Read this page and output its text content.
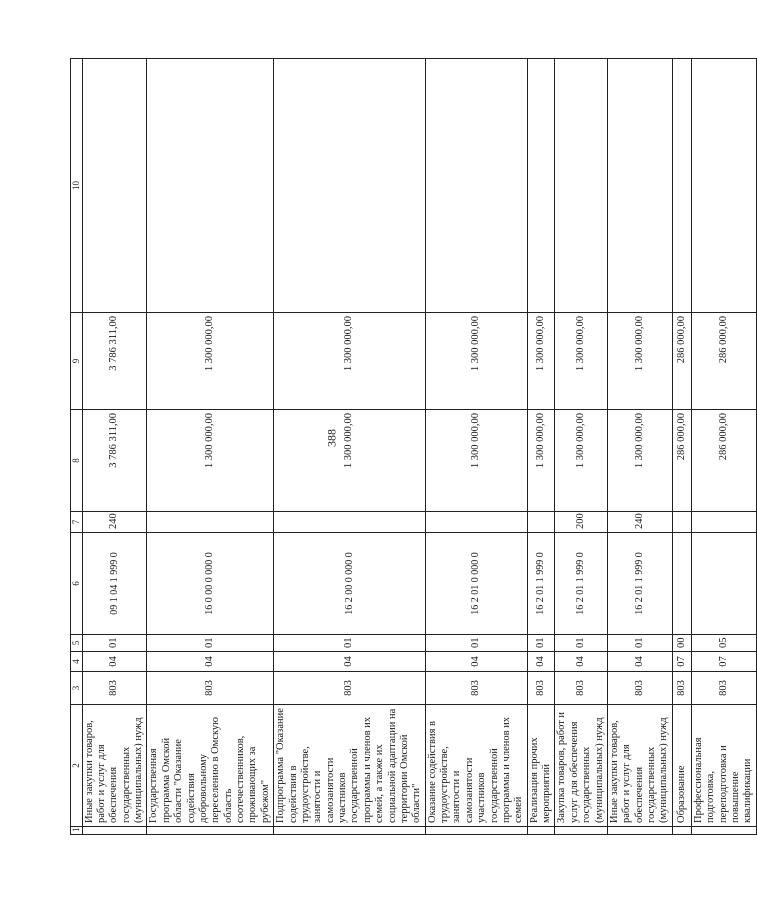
388
1	2	3	4	5	6	7	8	9	10
	Иные закупки товаров, работ и услуг для обеспечения государственных (муниципальных) нужд	803	04	01	09 1 04 1 999 0	240	3 786 311,00	3 786 311,00	
	Государственная программа Омской области "Оказание содействия добровольному переселению в Омскую область соотечественников, проживающих за рубежом"	803	04	01	16 0 00 0 000 0		1 300 000,00	1 300 000,00	
	Подпрограмма "Оказание содействия в трудоустройстве, занятости и самозанятости участников государственной программы и членов их семей, а также их социальной адаптации на территории Омской области"	803	04	01	16 2 00 0 000 0		1 300 000,00	1 300 000,00	
	Оказание содействия в трудоустройстве, занятости и самозанятости участников государственной программы и членов их семей	803	04	01	16 2 01 0 000 0		1 300 000,00	1 300 000,00	
	Реализация прочих мероприятий	803	04	01	16 2 01 1 999 0		1 300 000,00	1 300 000,00	
	Закупка товаров, работ и услуг для обеспечения государственных (муниципальных) нужд	803	04	01	16 2 01 1 999 0	200	1 300 000,00	1 300 000,00	
	Иные закупки товаров, работ и услуг для обеспечения государственных (муниципальных) нужд	803	04	01	16 2 01 1 999 0	240	1 300 000,00	1 300 000,00	
	Образование	803	07	00			286 000,00	286 000,00	
	Профессиональная подготовка, переподготовка и повышение квалификации	803	07	05			286 000,00	286 000,00	
